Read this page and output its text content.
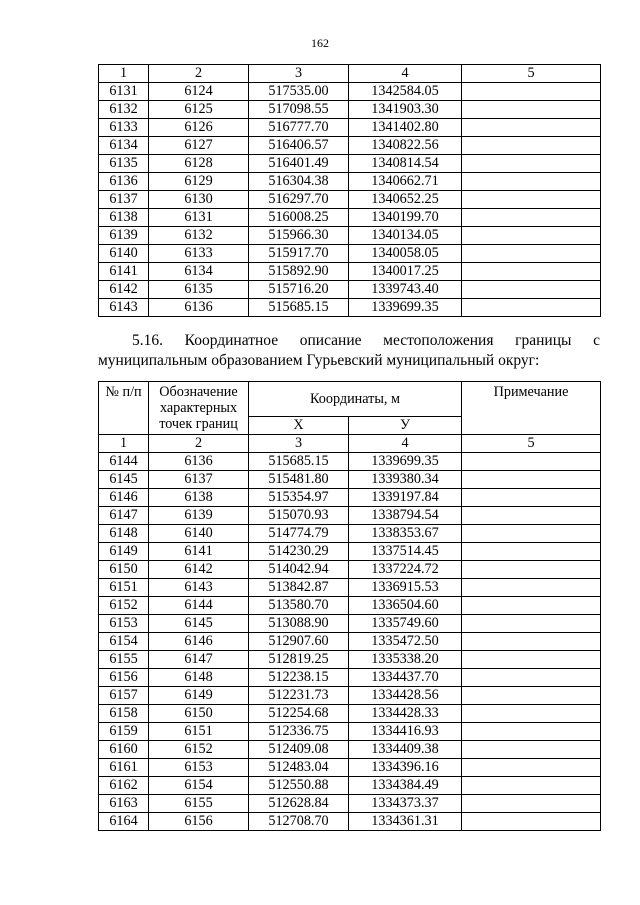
162
1	2	3	4	5
6131	6124	517535.00	1342584.05	
6132	6125	517098.55	1341903.30	
6133	6126	516777.70	1341402.80	
6134	6127	516406.57	1340822.56	
6135	6128	516401.49	1340814.54	
6136	6129	516304.38	1340662.71	
6137	6130	516297.70	1340652.25	
6138	6131	516008.25	1340199.70	
6139	6132	515966.30	1340134.05	
6140	6133	515917.70	1340058.05	
6141	6134	515892.90	1340017.25	
6142	6135	515716.20	1339743.40	
6143	6136	515685.15	1339699.35	
5.16. Координатное описание местоположения границы с
муниципальным образованием Гурьевский муниципальный округ:
№ п/п	Обозначение
характерных
точек границ	Координаты, м		Примечание
		Х	У	
1	2	3	4	5
6144	6136	515685.15	1339699.35	
6145	6137	515481.80	1339380.34	
6146	6138	515354.97	1339197.84	
6147	6139	515070.93	1338794.54	
6148	6140	514774.79	1338353.67	
6149	6141	514230.29	1337514.45	
6150	6142	514042.94	1337224.72	
6151	6143	513842.87	1336915.53	
6152	6144	513580.70	1336504.60	
6153	6145	513088.90	1335749.60	
6154	6146	512907.60	1335472.50	
6155	6147	512819.25	1335338.20	
6156	6148	512238.15	1334437.70	
6157	6149	512231.73	1334428.56	
6158	6150	512254.68	1334428.33	
6159	6151	512336.75	1334416.93	
6160	6152	512409.08	1334409.38	
6161	6153	512483.04	1334396.16	
6162	6154	512550.88	1334384.49	
6163	6155	512628.84	1334373.37	
6164	6156	512708.70	1334361.31	
